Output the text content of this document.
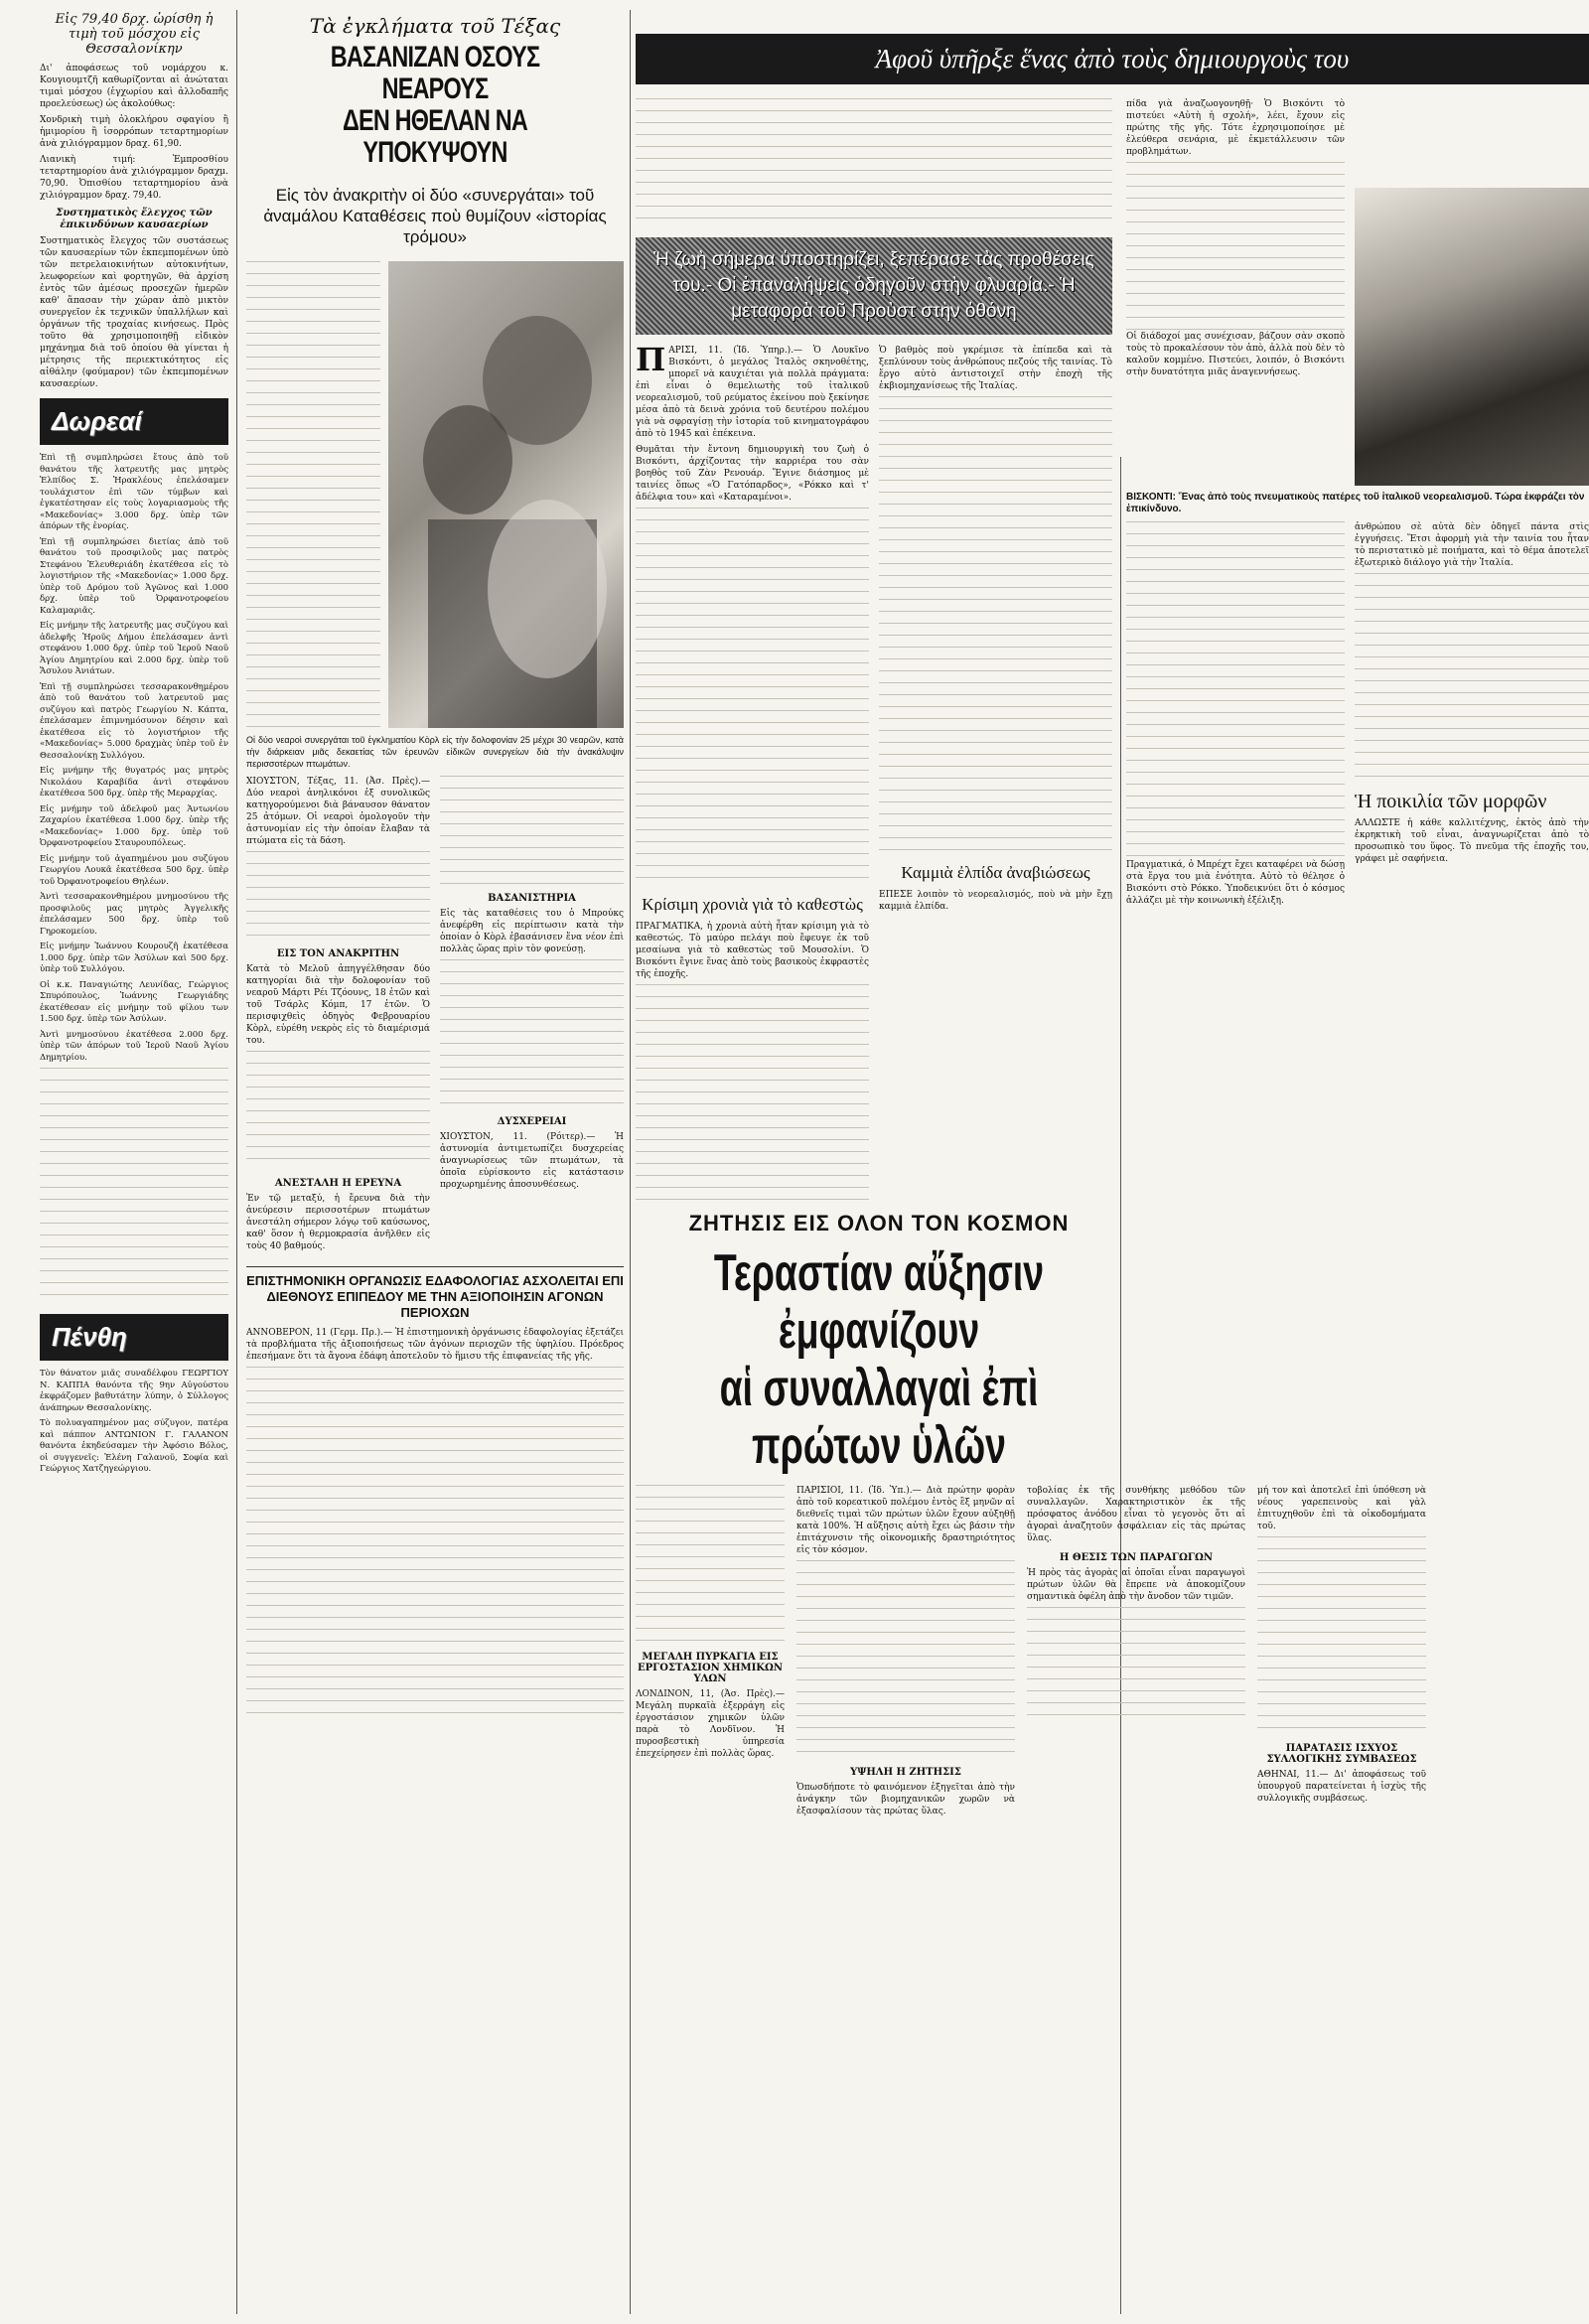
Εἰς 79,40 δρχ. ὡρίσθη ἡ τιμὴ τοῦ μόσχου εἰς Θεσσαλονίκην

Δι' ἀποφάσεως τοῦ νομάρχου κ. Κουγιουμτζῆ καθωρίζονται αἱ ἀνώταται τιμαὶ μόσχου (ἐγχωρίου καὶ ἀλλοδαπῆς προελεύσεως) ὡς ἀκολούθως:

Χονδρικὴ τιμὴ ὁλοκλήρου σφαγίου ἢ ἡμιμορίου ἢ ἰσορρόπων τεταρτημορίων ἀνὰ χιλιόγραμμον δραχ. 61,90.

Λιανικὴ τιμή: Ἐμπροσθίου τεταρτημορίου ἀνὰ χιλιόγραμμον δραχμ. 70,90. Ὀπισθίου τεταρτημορίου ἀνὰ χιλιόγραμμον δραχ. 79,40.

Συστηματικὸς ἔλεγχος τῶν ἐπικινδύνων καυσαερίων

Συστηματικὸς ἔλεγχος τῶν συστάσεως τῶν καυσαερίων τῶν ἐκπεμπομένων ὑπὸ τῶν πετρελαιοκινήτων αὐτοκινήτων, λεωφορείων καὶ φορτηγῶν, θὰ ἀρχίση ἐντὸς τῶν ἀμέσως προσεχῶν ἡμερῶν καθ' ἅπασαν τὴν χώραν ἀπὸ μικτὸν συνεργεῖον ἐκ τεχνικῶν ὑπαλλήλων καὶ ὀργάνων τῆς τροχαίας κινήσεως. Πρὸς τοῦτο θὰ χρησιμοποιηθῇ εἰδικὸν μηχάνημα διὰ τοῦ ὁποίου θὰ γίνεται ἡ μέτρησις τῆς περιεκτικότητος εἰς αἰθάλην (φούμαρον) τῶν ἐκπεμπομένων καυσαερίων.

Δωρεαί

Ἐπὶ τῇ συμπληρώσει ἔτους ἀπὸ τοῦ θανάτου τῆς λατρευτῆς μας μητρὸς Ἐλπίδος Σ. Ἠρακλέους ἐπελάσαμεν τουλάχιστον ἐπὶ τῶν τύμβων καὶ ἐγκατέστησαν εἰς τοὺς λογαριασμοὺς τῆς «Μακεδονίας» 3.000 δρχ. ὑπὲρ τῶν ἀπόρων τῆς ἐνορίας.

Ἐπὶ τῇ συμπληρώσει διετίας ἀπὸ τοῦ θανάτου τοῦ προσφιλοῦς μας πατρὸς Στεφάνου Ἐλευθεριάδη ἐκατέθεσα εἰς τὸ λογιστήριον τῆς «Μακεδονίας» 1.000 δρχ. ὑπὲρ τοῦ Δρόμου τοῦ Ἀγῶνος καὶ 1.000 δρχ. ὑπὲρ τοῦ Ὀρφανοτροφείου Καλαμαριᾶς.

Εἰς μνήμην τῆς λατρευτῆς μας συζύγου καὶ ἀδελφῆς Ἡροῦς Δήμου ἐπελάσαμεν ἀντὶ στεφάνου 1.000 δρχ. ὑπὲρ τοῦ Ἱεροῦ Ναοῦ Ἁγίου Δημητρίου καὶ 2.000 δρχ. ὑπὲρ τοῦ Ἄσυλου Ἀνιάτων.

Ἐπὶ τῇ συμπληρώσει τεσσαρακονθημέρου ἀπὸ τοῦ θανάτου τοῦ λατρευτοῦ μας συζύγου καὶ πατρὸς Γεωργίου Ν. Κάπτα, ἐπελάσαμεν ἐπιμνημόσυνον δέησιν καὶ ἐκατέθεσα εἰς τὸ λογιστήριον τῆς «Μακεδονίας» 5.000 δραχμὰς ὑπὲρ τοῦ ἐν Θεσσαλονίκῃ Συλλόγου.

Εἰς μνήμην τῆς θυγατρός μας μητρὸς Νικολάου Καραβίδα ἀντὶ στεφάνου ἐκατέθεσα 500 δρχ. ὑπὲρ τῆς Μεραρχίας.

Εἰς μνήμην τοῦ ἀδελφοῦ μας Ἀντωνίου Ζαχαρίου ἐκατέθεσα 1.000 δρχ. ὑπὲρ τῆς «Μακεδονίας» 1.000 δρχ. ὑπὲρ τοῦ Ὀρφανοτροφείου Σταυρουπόλεως.

Εἰς μνήμην τοῦ ἀγαπημένου μου συζύγου Γεωργίου Λουκᾶ ἐκατέθεσα 500 δρχ. ὑπὲρ τοῦ Ὀρφανοτροφείου Θηλέων.

Ἀντὶ τεσσαρακονθημέρου μνημοσύνου τῆς προσφιλοῦς μας μητρὸς Ἀγγελικῆς ἐπελάσαμεν 500 δρχ. ὑπὲρ τοῦ Γηροκομείου.

Εἰς μνήμην Ἰωάννου Κουρουζῆ ἐκατέθεσα 1.000 δρχ. ὑπὲρ τῶν Ἀσύλων καὶ 500 δρχ. ὑπὲρ τοῦ Συλλόγου.

Οἱ κ.κ. Παναγιώτης Λευνίδας, Γεώργιος Σπυρόπουλος, Ἰωάννης Γεωργιάδης ἐκατέθεσαν εἰς μνήμην τοῦ φίλου των 1.500 δρχ. ὑπὲρ τῶν Ἀσύλων.

Ἀντὶ μνημοσύνου ἐκατέθεσα 2.000 δρχ. ὑπὲρ τῶν ἀπόρων τοῦ Ἱεροῦ Ναοῦ Ἁγίου Δημητρίου.

Πένθη

Τὸν θάνατον μιᾶς συναδέλφου ΓΕΩΡΓΙΟΥ Ν. ΚΑΠΠΑ θανόντα τῆς 9ην Αὐγούστου ἐκφράζομεν βαθυτάτην λύπην, ὁ Σύλλογος ἀνάπηρων Θεσσαλονίκης.

Τὸ πολυαγαπημένον μας σύζυγον, πατέρα καὶ πάππον ΑΝΤΩΝΙΟΝ Γ. ΓΑΛΑΝΟΝ θανόντα ἐκηδεύσαμεν τὴν Ἀφόσιο Βόλος, οἱ συγγενεῖς: Ἑλένη Γαλανοῦ, Σοφία καὶ Γεώργιος Χατζηγεώργιου.

Τὰ ἐγκλήματα τοῦ Τέξας
ΒΑΣΑΝΙΖΑΝ ΟΣΟΥΣ ΝΕΑΡΟΥΣ
ΔΕΝ ΗΘΕΛΑΝ ΝΑ ΥΠΟΚΥΨΟΥΝ
Εἰς τὸν ἀνακριτὴν οἱ δύο «συνεργάται» τοῦ ἀναμάλου Καταθέσεις ποὺ θυμίζουν «ἱστορίας τρόμου»

Οἱ δύο νεαροὶ συνεργάται τοῦ ἐγκληματίου Κὸρλ εἰς τὴν δολοφονίαν 25 μέχρι 30 νεαρῶν, κατὰ τὴν διάρκειαν μιᾶς δεκαετίας τῶν ἐρευνῶν εἰδικῶν συνεργείων διὰ τὴν ἀνακάλυψιν περισσοτέρων πτωμάτων.

ΧΙΟΥΣΤΟΝ, Τέξας, 11. (Ἀσ. Πρὲς).— Δύο νεαροὶ ἀνηλικόνοι ἐξ συνολικῶς κατηγορούμενοι διὰ βάναυσον θάνατον 25 ἀτόμων. Οἱ νεαροὶ ὁμολογοῦν τὴν ἀστυνομίαν εἰς τὴν ὁποίαν ἔλαβαν τὰ πτώματα εἰς τὰ δάση.

ΕΙΣ ΤΟΝ ΑΝΑΚΡΙΤΗΝ

Κατὰ τὸ Μελοῦ ἀπηγγέλθησαν δύο κατηγορίαι διὰ τὴν δολοφονίαν τοῦ νεαροῦ Μάρτι Ρέι Τζόουνς, 18 ἐτῶν καὶ τοῦ Τσάρλς Κόμπ, 17 ἐτῶν. Ὁ περισφιχθεὶς ὁδηγὸς Φεβρουαρίου Κὸρλ, εὑρέθη νεκρὸς εἰς τὸ διαμέρισμά του.

ΑΝΕΣΤΑΛΗ Η ΕΡΕΥΝΑ

Ἐν τῷ μεταξύ, ἡ ἔρευνα διὰ τὴν ἀνεύρεσιν περισσοτέρων πτωμάτων ἀνεστάλη σήμερον λόγῳ τοῦ καύσωνος, καθ' ὅσον ἡ θερμοκρασία ἀνῆλθεν εἰς τοὺς 40 βαθμούς.

ΒΑΣΑΝΙΣΤΗΡΙΑ

Εἰς τὰς καταθέσεις του ὁ Μπρούκς ἀνεφέρθη εἰς περίπτωσιν κατὰ τὴν ὁποίαν ὁ Κὸρλ ἐβασάνισεν ἕνα νέον ἐπὶ πολλὰς ὥρας πρὶν τὸν φονεύσῃ.

ΔΥΣΧΕΡΕΙΑΙ

ΧΙΟΥΣΤΟΝ, 11. (Ρόιτερ).— Ἡ ἀστυνομία ἀντιμετωπίζει δυσχερείας ἀναγνωρίσεως τῶν πτωμάτων, τὰ ὁποῖα εὑρίσκοντο εἰς κατάστασιν προχωρημένης ἀποσυνθέσεως.

ΕΠΙΣΤΗΜΟΝΙΚΗ ΟΡΓΑΝΩΣΙΣ ΕΔΑΦΟΛΟΓΙΑΣ ΑΣΧΟΛΕΙΤΑΙ ΕΠΙ ΔΙΕΘΝΟΥΣ ΕΠΙΠΕΔΟΥ ΜΕ ΤΗΝ ΑΞΙΟΠΟΙΗΣΙΝ ΑΓΟΝΩΝ ΠΕΡΙΟΧΩΝ

ΑΝΝΟΒΕΡΟΝ, 11 (Γερμ. Πρ.).— Ἡ ἐπιστημονικὴ ὀργάνωσις ἐδαφολογίας ἐξετάζει τὰ προβλήματα τῆς ἀξιοποιήσεως τῶν ἀγόνων περιοχῶν τῆς ὑφηλίου. Πρόεδρος ἐπεσήμανε ὅτι τὰ ἄγονα ἐδάφη ἀποτελοῦν τὸ ἥμισυ τῆς ἐπιφανείας τῆς γῆς.

Ἀφοῦ ὑπῆρξε ἕνας ἀπὸ τοὺς δημιουργοὺς του
Ἡ ζωὴ σήμερα ὑποστηρίζει, ξεπέρασε τὰς προθέσεις του.- Οἱ ἐπαναλήψεις ὁδηγοῦν στὴν φλυαρία.- Ἡ μεταφορὰ τοῦ Προὺστ στὴν ὀθόνη

ΠΑΡΙΣΙ, 11. (Ἰδ. Ὑπηρ.).— Ὁ Λουκῖνο Βισκόντι, ὁ μεγάλος Ἰταλὸς σκηνοθέτης, μπορεῖ νὰ καυχιέται γιὰ πολλὰ πράγματα: ἐπὶ εἶναι ὁ θεμελιωτὴς τοῦ ἰταλικοῦ νεορεαλισμοῦ, τοῦ ρεύματος ἐκείνου ποὺ ξεκίνησε μέσα ἀπὸ τὰ δεινὰ χρόνια τοῦ δευτέρου πολέμου γιὰ νὰ σφραγίσῃ τὴν ἱστορία τοῦ κινηματογράφου ἀπὸ τὸ 1945 καὶ ἐπέκεινα.

Θυμᾶται τὴν ἔντονη δημιουργικὴ του ζωὴ ὁ Βισκόντι, ἀρχίζοντας τὴν καρριέρα του σὰν βοηθὸς τοῦ Ζὰν Ρενουάρ. Ἔγινε διάσημος μὲ ταινίες ὅπως «Ὁ Γατόπαρδος», «Ρόκκο καὶ τ' ἀδέλφια του» καὶ «Καταραμένοι».

Κρίσιμη χρονιὰ γιὰ τὸ καθεστὼς

ΠΡΑΓΜΑΤΙΚΑ, ἡ χρονιὰ αὐτὴ ἦταν κρίσιμη γιὰ τὸ καθεστώς. Τὸ μαύρο πελάγι ποὺ ἔφευγε ἐκ τοῦ μεσαίωνα γιὰ τὸ καθεστὼς τοῦ Μουσολίνι. Ὁ Βισκόντι ἔγινε ἕνας ἀπὸ τοὺς βασικοὺς ἐκφραστὲς τῆς ἐποχῆς.

Ὁ βαθμὸς ποὺ γκρέμισε τὰ ἐπίπεδα καὶ τὰ ξεπλύνουν τοὺς ἀνθρώπους πεζούς τῆς ταινίας. Τὸ ἔργο αὐτὸ ἀντιστοιχεῖ στὴν ἐποχὴ τῆς ἐκβιομηχανίσεως τῆς Ἰταλίας.

Καμμιὰ ἐλπίδα ἀναβιώσεως

ΕΠΕΣΕ λοιπὸν τὸ νεορεαλισμός, ποὺ νὰ μὴν ἔχῃ καμμιὰ ἐλπίδα.

πίδα γιὰ ἀναζωογονηθῇ· Ὁ Βισκόντι τὸ πιστεύει «Αὐτὴ ἡ σχολή», λέει, ἔχουν εἰς πρώτης τῆς γῆς. Τότε ἐχρησιμοποίησε μὲ ἐλεύθερα σενάρια, μὲ ἐκμετάλλευσιν τῶν προβλημάτων.

Οἱ διάδοχοί μας συνέχισαν, βάζουν σὰν σκοπὸ τοὺς τὸ προκαλέσουν τὸν ἀπὸ, ἀλλὰ ποὺ δὲν τὸ καλοῦν κομμένο. Πιστεύει, λοιπόν, ὁ Βισκόντι στὴν δυνατότητα μιᾶς ἀναγεννήσεως.

ΒΙΣΚΟΝΤΙ: Ἕνας ἀπὸ τοὺς πνευματικοὺς πατέρες τοῦ ἰταλικοῦ νεορεαλισμοῦ. Τώρα ἐκφράζει τὸν ἐπικίνδυνο.

Πραγματικά, ὁ Μπρέχτ ἔχει καταφέρει νὰ δώσῃ στὰ ἔργα του μιὰ ἑνότητα. Αὐτὸ τὸ θέλησε ὁ Βισκόντι στὸ Ρόκκο. Ὑποδεικνύει ὅτι ὁ κόσμος ἀλλάζει μὲ τὴν κοινωνικὴ ἐξέλιξη.

ἀνθρώπου σὲ αὐτὰ δὲν ὁδηγεῖ πάντα στὶς ἐγγυήσεις. Ἔτσι ἀφορμὴ γιὰ τὴν ταινία του ἦταν τὸ περιστατικὸ μὲ ποιήματα, καὶ τὸ θέμα ἀποτελεῖ ἐξωτερικὸ διάλογο γιὰ τὴν Ἰταλία.

Ἡ ποικιλία τῶν μορφῶν

ΑΛΛΩΣΤΕ ἡ κάθε καλλιτέχνης, ἐκτὸς ἀπὸ τὴν ἐκρηκτικὴ τοῦ εἶναι, ἀναγνωρίζεται ἀπὸ τὸ προσωπικὸ του ὕφος. Τὸ πνεῦμα τῆς ἐποχῆς του, γράφει μὲ σαφήνεια.

ΖΗΤΗΣΙΣ ΕΙΣ ΟΛΟΝ ΤΟΝ ΚΟΣΜΟΝ
Τεραστίαν αὔξησιν ἐμφανίζουν
αἱ συναλλαγαὶ ἐπὶ πρώτων ὑλῶν
ΜΕΓΑΛΗ ΠΥΡΚΑΓΙΑ ΕΙΣ ΕΡΓΟΣΤΑΣΙΟΝ ΧΗΜΙΚΩΝ ΥΛΩΝ

ΛΟΝΔΙΝΟΝ, 11, (Ἀσ. Πρὲς).— Μεγάλη πυρκαϊὰ ἐξερράγη εἰς ἐργοστάσιον χημικῶν ὑλῶν παρὰ τὸ Λονδῖνον. Ἡ πυροσβεστικὴ ὑπηρεσία ἐπεχείρησεν ἐπὶ πολλὰς ὥρας.

ΠΑΡΙΣΙΟΙ, 11. (Ἰδ. Ὑπ.).— Διὰ πρώτην φορὰν ἀπὸ τοῦ κορεατικοῦ πολέμου ἐντὸς ἓξ μηνῶν αἱ διεθνεῖς τιμαὶ τῶν πρώτων ὑλῶν ἔχουν αὐξηθῇ κατὰ 100%. Ἡ αὔξησις αὐτὴ ἔχει ὡς βάσιν τὴν ἐπιτάχυνσιν τῆς οἰκονομικῆς δραστηριότητος εἰς τὸν κόσμον.

ΥΨΗΛΗ Η ΖΗΤΗΣΙΣ

Ὁπωσδήποτε τὸ φαινόμενον ἐξηγεῖται ἀπὸ τὴν ἀνάγκην τῶν βιομηχανικῶν χωρῶν νὰ ἐξασφαλίσουν τὰς πρώτας ὕλας.

τοβολίας ἐκ τῆς συνθήκης μεθόδου τῶν συναλλαγῶν. Χαρακτηριστικὸν ἐκ τῆς πρόσφατος ἀνόδου εἶναι τὸ γεγονὸς ὅτι αἱ ἀγοραὶ ἀναζητοῦν ἀσφάλειαν εἰς τὰς πρώτας ὕλας.

Η ΘΕΣΙΣ ΤΩΝ ΠΑΡΑΓΩΓΩΝ

Ἡ πρὸς τὰς ἀγορὰς αἱ ὁποῖαι εἶναι παραγωγοὶ πρώτων ὑλῶν θὰ ἔπρεπε νὰ ἀποκομίζουν σημαντικὰ ὀφέλη ἀπὸ τὴν ἄνοδον τῶν τιμῶν.

μή τον καὶ ἀποτελεῖ ἐπὶ ὑπόθεση νὰ νέους γαρεπεινοὺς καὶ γὰλ ἐπιτυχηθοῦν ἐπὶ τὰ οἰκοδομήματα τοῦ.

ΠΑΡΑΤΑΣΙΣ ΙΣΧΥΟΣ ΣΥΛΛΟΓΙΚΗΣ ΣΥΜΒΑΣΕΩΣ

ΑΘΗΝΑΙ, 11.— Δι' ἀποφάσεως τοῦ ὑπουργοῦ παρατείνεται ἡ ἰσχὺς τῆς συλλογικῆς συμβάσεως.
